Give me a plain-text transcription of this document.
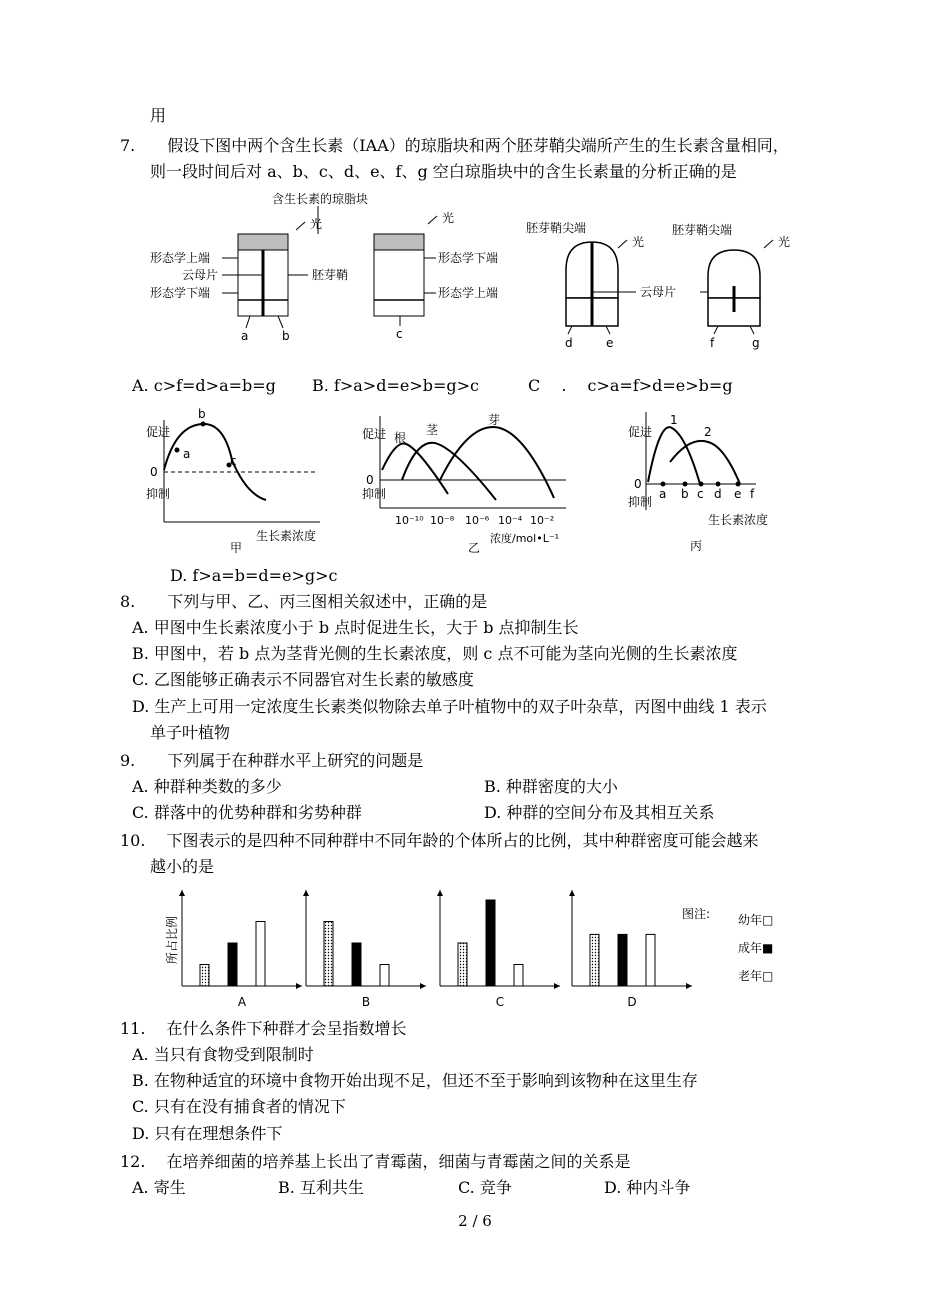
用
7.　　假设下图中两个含生长素（IAA）的琼脂块和两个胚芽鞘尖端所产生的生长素含量相同，
则一段时间后对 a、b、c、d、e、f、g 空白琼脂块中的含生长素量的分析正确的是
含生长素的琼脂块
光
形态学上端
云母片
形态学下端
胚芽鞘
a	b
光
形态学下端
形态学上端
c
胚芽鞘尖端
光
d	e
云母片
胚芽鞘尖端
光
f	g
A. c>f=d>a=b=g B. f>a>d=e>b=g>c	C　 .　 c>a=f>d=e>b=g
a
b
c
促进
0
抑制
生长素浓度
甲
根
茎
芽
促进
0
抑制
10⁻¹⁰ 10⁻⁸ 10⁻⁶ 10⁻⁴ 10⁻²
浓度/mol•L⁻¹
乙
1
2
促进
0
抑制
a b c d e f
生长素浓度
丙
D. f>a=b=d=e>g>c
8.　　下列与甲、乙、丙三图相关叙述中，正确的是
A. 甲图中生长素浓度小于 b 点时促进生长，大于 b 点抑制生长
B. 甲图中，若 b 点为茎背光侧的生长素浓度，则 c 点不可能为茎向光侧的生长素浓度
C. 乙图能够正确表示不同器官对生长素的敏感度
D. 生产上可用一定浓度生长素类似物除去单子叶植物中的双子叶杂草，丙图中曲线 1 表示
单子叶植物
9.　　下列属于在种群水平上研究的问题是
A. 种群种类数的多少	B. 种群密度的大小
C. 群落中的优势种群和劣势种群	D. 种群的空间分布及其相互关系
10.　 下图表示的是四种不同种群中不同年龄的个体所占的比例，其中种群密度可能会越来
越小的是
A	B	C	D
所占比例
图注: 幼年□
成年■
老年□
11.　 在什么条件下种群才会呈指数增长
A. 当只有食物受到限制时
B. 在物种适宜的环境中食物开始出现不足，但还不至于影响到该物种在这里生存
C. 只有在没有捕食者的情况下
D. 只有在理想条件下
12.　 在培养细菌的培养基上长出了青霉菌，细菌与青霉菌之间的关系是
A. 寄生	B. 互利共生	C. 竞争	D. 种内斗争
2 / 6
